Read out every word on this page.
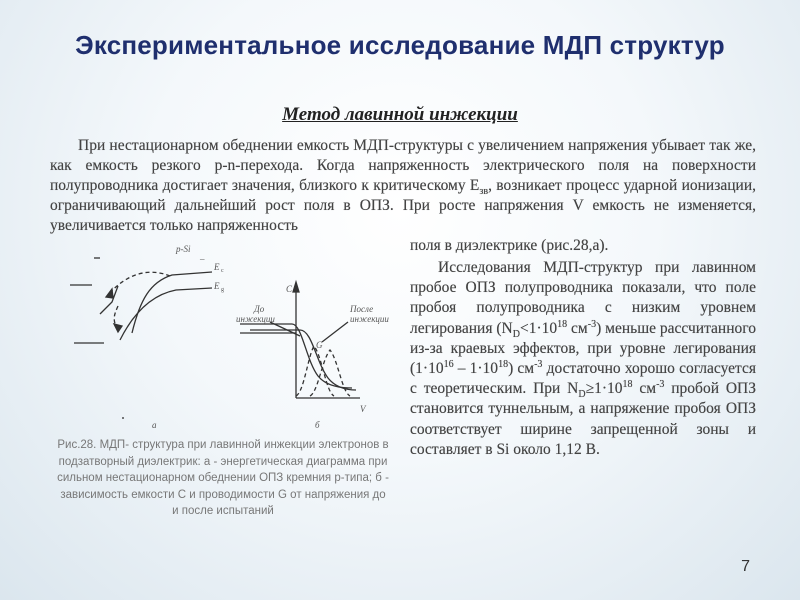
Экспериментальное исследование МДП структур
Метод лавинной инжекции
При нестационарном обеднении емкость МДП-структуры с увеличением напряжения убывает так же, как емкость резкого p-n-перехода. Когда напряженность электрического поля на поверхности полупроводника достигает значения, близкого к критическому $Е_{зв}$, возникает процесс ударной ионизации, ограничивающий дальнейший рост поля в ОПЗ. При росте напряжения V емкость не изменяется, увеличивается только напряженность
поля в диэлектрике (рис.28,а).
Исследования МДП-структур при лавинном пробое ОПЗ полупроводника показали, что поле пробоя полупроводника с низким уровнем легирования ($N_D<1\cdot 10^{18}$ $см^{-3}$) меньше рассчитанного из-за краевых эффектов, при уровне легирования $(1\cdot 10^{16} - 1\cdot 10^{18})$ $см^{-3}$ достаточно хорошо согласуется с теоретическим. При $N_D\ge 1\cdot 10^{18}$ $см^{-3}$ пробой ОПЗ становится туннельным, а напряжение пробоя ОПЗ соответствует ширине запрещенной зоны и составляет в Si около 1,12 В.
p-Si
–
E c
E g
а
C
До
инжекции
После
инжекции
G
V
б
Рис.28. МДП- структура при лавинной инжекции электронов в подзатворный диэлектрик: а - энергетическая диаграмма при сильном нестационарном обеднении ОПЗ кремния p-типа; б - зависимость емкости С и проводимости G от напряжения до и после испытаний
7
